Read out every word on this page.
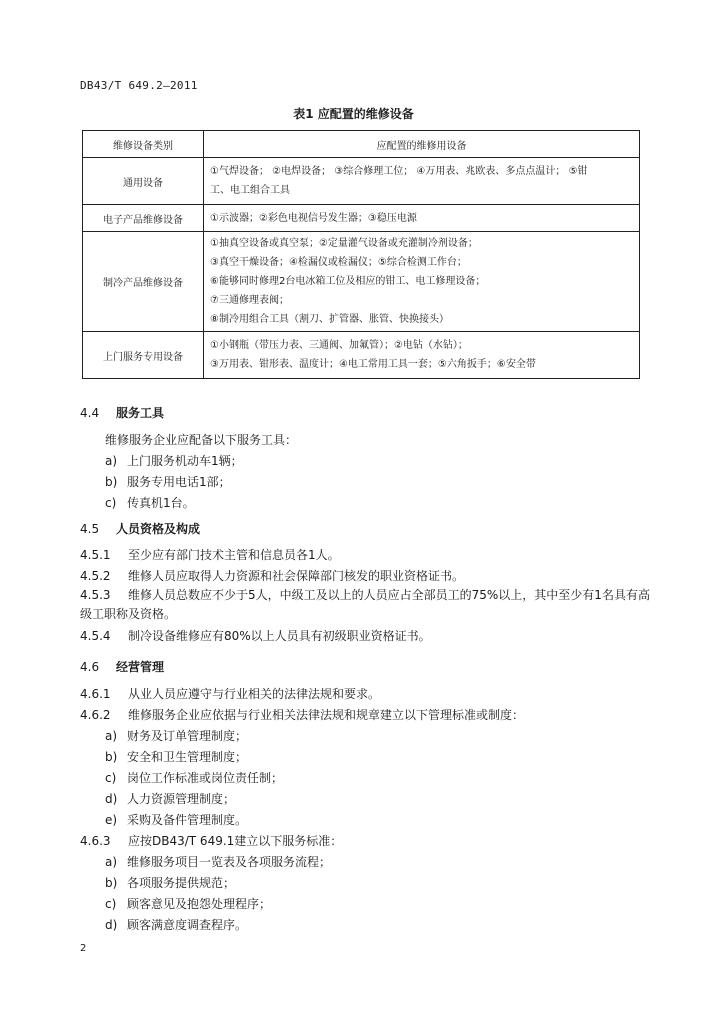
DB43/T 649.2—2011
表1 应配置的维修设备
维修设备类别	应配置的维修用设备
通用设备	①气焊设备； ②电焊设备； ③综合修理工位； ④万用表、兆欧表、多点点温计； ⑤钳
工、电工组合工具

电子产品维修设备	①示波器；②彩色电视信号发生器；③稳压电源

制冷产品维修设备	①抽真空设备或真空泵；②定量灌气设备或充灌制冷剂设备；
③真空干燥设备；④检漏仪或检漏仪；⑤综合检测工作台；
⑥能够同时修理2台电冰箱工位及相应的钳工、电工修理设备；
⑦三通修理表阀；
⑧制冷用组合工具（割刀、扩管器、胀管、快换接头）

上门服务专用设备	①小钢瓶（带压力表、三通阀、加氟管）；②电钻（水钻）；
③万用表、钳形表、温度计；④电工常用工具一套；⑤六角扳手；⑥安全带
4.4 服务工具
维修服务企业应配备以下服务工具：
a) 上门服务机动车1辆；
b) 服务专用电话1部；
c) 传真机1台。
4.5 人员资格及构成
4.5.1 至少应有部门技术主管和信息员各1人。
4.5.2 维修人员应取得人力资源和社会保障部门核发的职业资格证书。
4.5.3 维修人员总数应不少于5人，中级工及以上的人员应占全部员工的75%以上，其中至少有1名具有高级工职称及资格。
4.5.4 制冷设备维修应有80%以上人员具有初级职业资格证书。
4.6 经营管理
4.6.1 从业人员应遵守与行业相关的法律法规和要求。
4.6.2 维修服务企业应依据与行业相关法律法规和规章建立以下管理标准或制度：
a) 财务及订单管理制度；
b) 安全和卫生管理制度；
c) 岗位工作标准或岗位责任制；
d) 人力资源管理制度；
e) 采购及备件管理制度。
4.6.3 应按DB43/T 649.1建立以下服务标准：
a) 维修服务项目一览表及各项服务流程；
b) 各项服务提供规范；
c) 顾客意见及抱怨处理程序；
d) 顾客满意度调查程序。
2
